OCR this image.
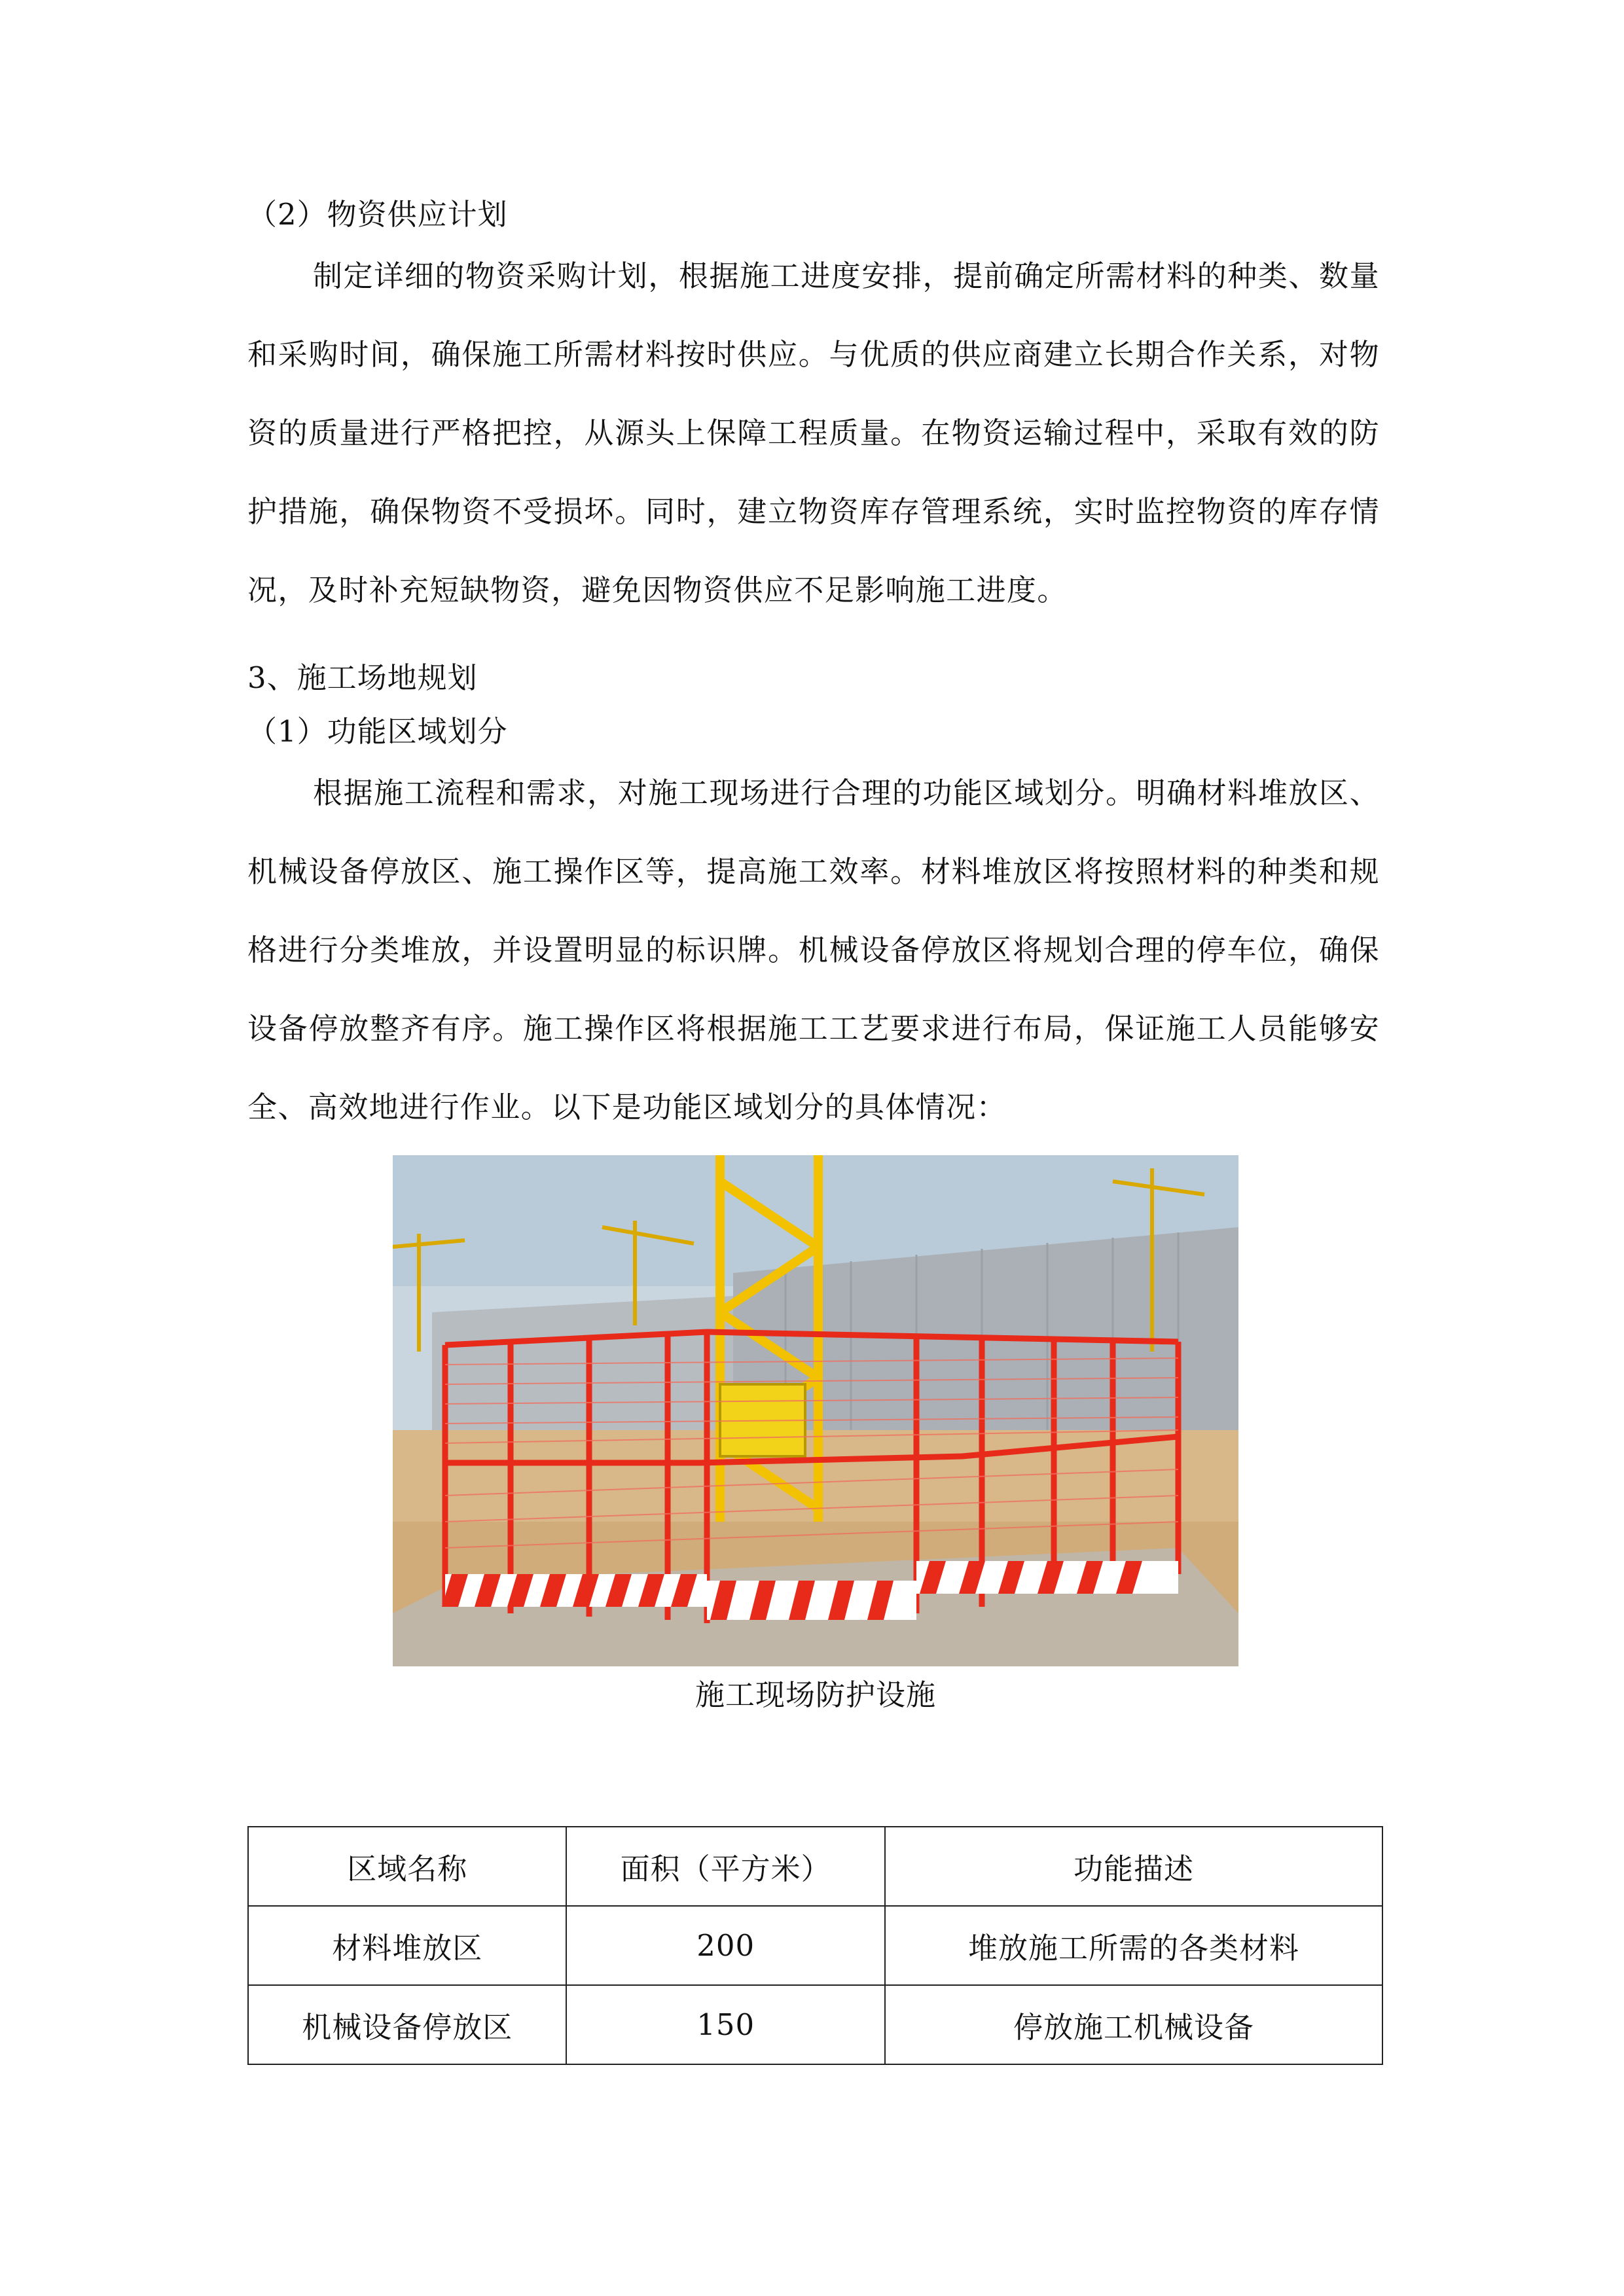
（2）物资供应计划

制定详细的物资采购计划，根据施工进度安排，提前确定所需材料的种类、数量和采购时间，确保施工所需材料按时供应。与优质的供应商建立长期合作关系，对物资的质量进行严格把控，从源头上保障工程质量。在物资运输过程中，采取有效的防护措施，确保物资不受损坏。同时，建立物资库存管理系统，实时监控物资的库存情况，及时补充短缺物资，避免因物资供应不足影响施工进度。

3、施工场地规划
（1）功能区域划分

根据施工流程和需求，对施工现场进行合理的功能区域划分。明确材料堆放区、机械设备停放区、施工操作区等，提高施工效率。材料堆放区将按照材料的种类和规格进行分类堆放，并设置明显的标识牌。机械设备停放区将规划合理的停车位，确保设备停放整齐有序。施工操作区将根据施工工艺要求进行布局，保证施工人员能够安全、高效地进行作业。以下是功能区域划分的具体情况：

施工现场防护设施
区域名称	面积（平方米）	功能描述
材料堆放区	200	堆放施工所需的各类材料
机械设备停放区	150	停放施工机械设备
